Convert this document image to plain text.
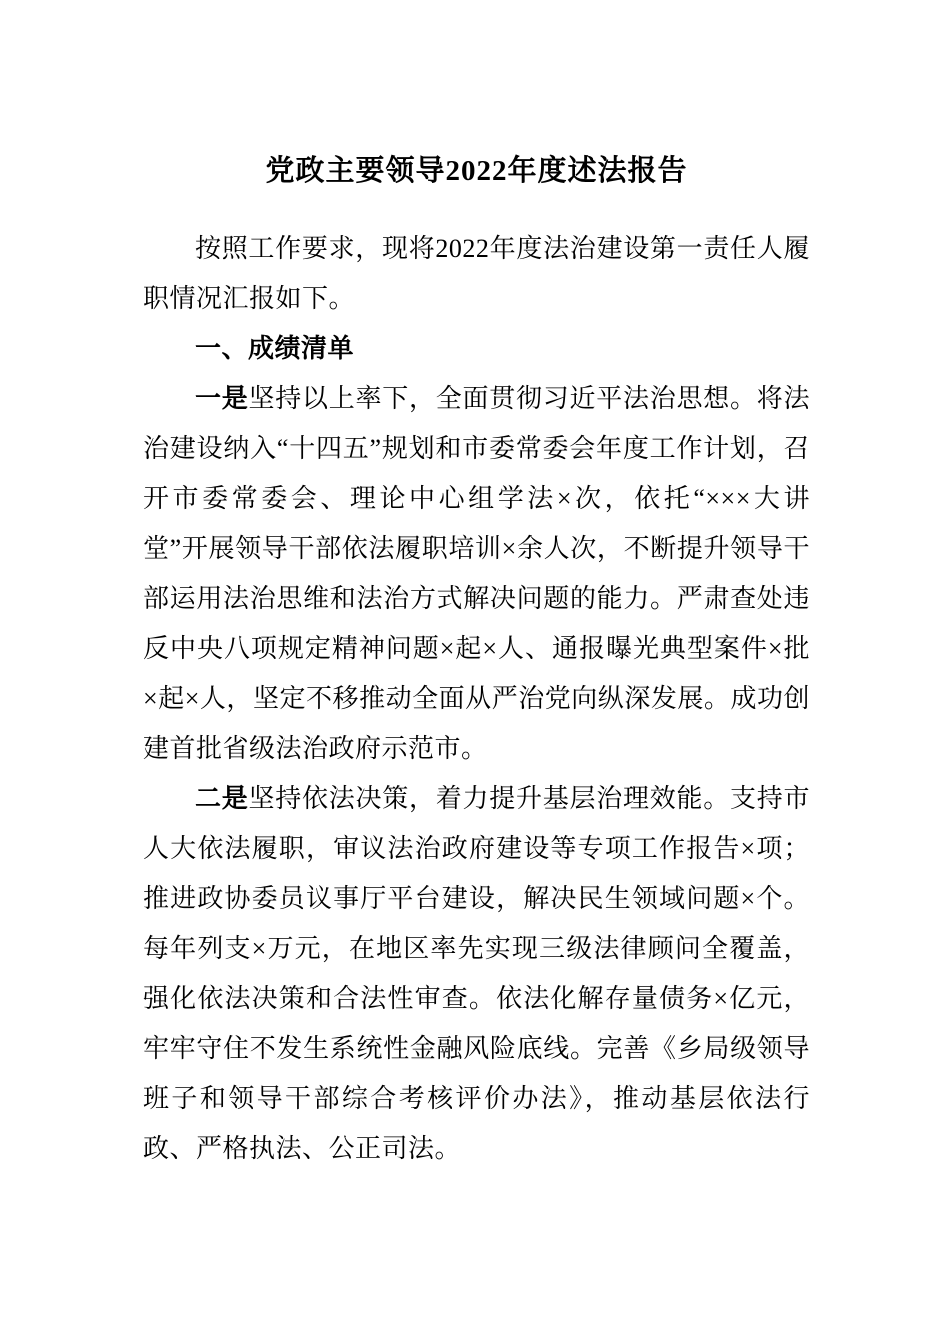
党政主要领导2022年度述法报告

按照工作要求，现将2022年度法治建设第一责任人履职情况汇报如下。

一、成绩清单

一是坚持以上率下，全面贯彻习近平法治思想。将法治建设纳入“十四五”规划和市委常委会年度工作计划，召开市委常委会、理论中心组学法×次，依托“×××大讲堂”开展领导干部依法履职培训×余人次，不断提升领导干部运用法治思维和法治方式解决问题的能力。严肃查处违反中央八项规定精神问题×起×人、通报曝光典型案件×批×起×人，坚定不移推动全面从严治党向纵深发展。成功创建首批省级法治政府示范市。

二是坚持依法决策，着力提升基层治理效能。支持市人大依法履职，审议法治政府建设等专项工作报告×项；推进政协委员议事厅平台建设，解决民生领域问题×个。每年列支×万元，在地区率先实现三级法律顾问全覆盖，强化依法决策和合法性审查。依法化解存量债务×亿元，牢牢守住不发生系统性金融风险底线。完善《乡局级领导班子和领导干部综合考核评价办法》，推动基层依法行政、严格执法、公正司法。
